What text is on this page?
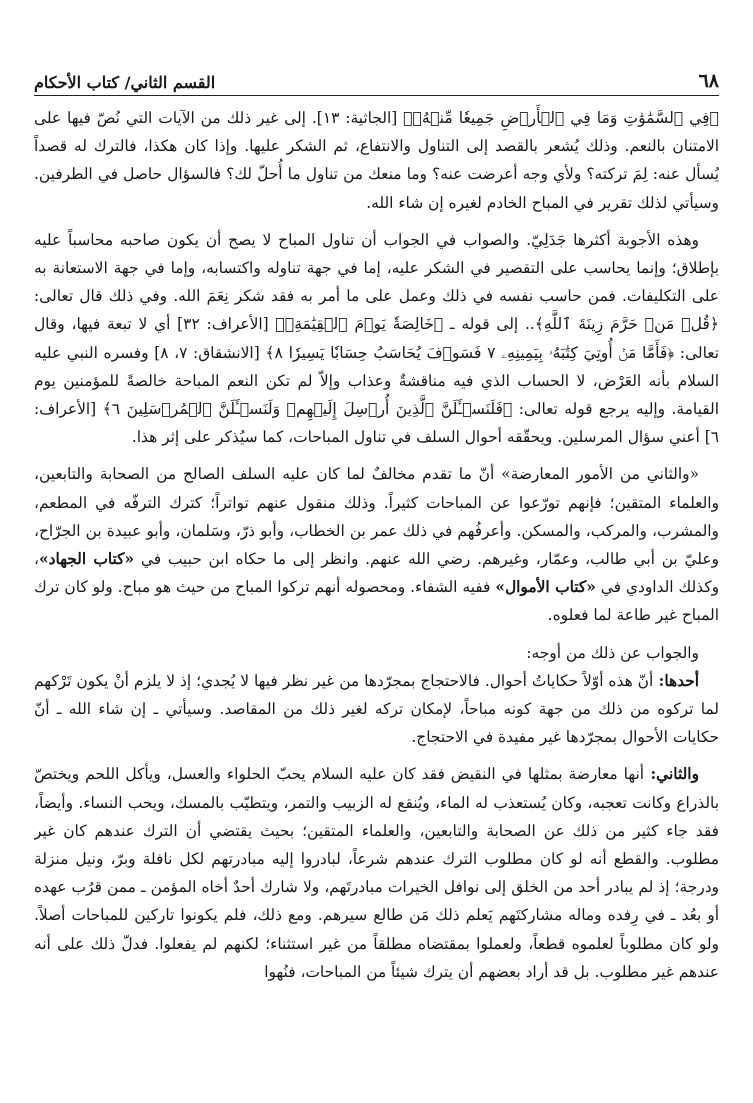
٦٨
القسم الثاني/ كتاب الأحكام

﴿فِي ٱلسَّمَٰوَٰتِ وَمَا فِي ٱلۡأَرۡضِ جَمِيعٗا مِّنۡهُۚ﴾ [الجاثية: ١٣]. إلى غير ذلك من الآيات التي نُصّ فيها على الامتنان بالنعم. وذلك يُشعر بالقصد إلى التناول والانتفاع، ثم الشكر عليها. وإذا كان هكذا، فالترك له قصداً يُسأل عنه: لِمَ تركته؟ ولأي وجه أعرضت عنه؟ وما منعك من تناول ما أُحلّ لك؟ فالسؤال حاصل في الطرفين. وسيأتي لذلك تقرير في المباح الخادم لغيره إن شاء الله.

وهذه الأجوبة أكثرها جَدَلِيّ. والصواب في الجواب أن تناول المباح لا يصح أن يكون صاحبه محاسباً عليه بإطلاق؛ وإنما يحاسب على التقصير في الشكر عليه، إما في جهة تناوله واكتسابه، وإما في جهة الاستعانة به على التكليفات. فمن حاسب نفسه في ذلك وعمل على ما أمر به فقد شكر نِعَمَ الله. وفي ذلك قال تعالى: ﴿قُلۡ مَنۡ حَرَّمَ زِينَةَ ٱللَّهِ﴾.. إلى قوله ـ ﴿خَالِصَةٗ يَوۡمَ ٱلۡقِيَٰمَةِۗ﴾ [الأعراف: ٣٢] أي لا تبعة فيها، وقال تعالى: ﴿فَأَمَّا مَنۡ أُوتِيَ كِتَٰبَهُۥ بِيَمِينِهِۦ ٧ فَسَوۡفَ يُحَاسَبُ حِسَابٗا يَسِيرٗا ٨﴾ [الانشقاق: ٧، ٨] وفسره النبي عليه السلام بأنه العَرْض، لا الحساب الذي فيه مناقشةٌ وعذاب وإلاّ لم تكن النعم المباحة خالصةً للمؤمنين يوم القيامة. وإليه يرجع قوله تعالى: ﴿فَلَنَسۡـَٔلَنَّ ٱلَّذِينَ أُرۡسِلَ إِلَيۡهِمۡ وَلَنَسۡـَٔلَنَّ ٱلۡمُرۡسَلِينَ ٦﴾ [الأعراف: ٦] أعني سؤال المرسلين. ويحقّقه أحوال السلف في تناول المباحات، كما سيُذكر على إثر هذا.

«والثاني من الأمور المعارضة» أنّ ما تقدم مخالفٌ لما كان عليه السلف الصالح من الصحابة والتابعين، والعلماء المتقين؛ فإنهم تورّعوا عن المباحات كثيراً. وذلك منقول عنهم تواتراً؛ كترك الترفّه في المطعم، والمشرب، والمركب، والمسكن. وأعرفُهم في ذلك عمر بن الخطاب، وأبو ذرّ، وسَلمان، وأبو عبيدة بن الجرّاح، وعليّ بن أبي طالب، وعمّار، وغيرهم. رضي الله عنهم. وانظر إلى ما حكاه ابن حبيب في «كتاب الجهاد»، وكذلك الداودي في «كتاب الأموال» ففيه الشفاء. ومحصوله أنهم تركوا المباح من حيث هو مباح. ولو كان ترك المباح غير طاعة لما فعلوه.

والجواب عن ذلك من أوجه:

أحدها: أنّ هذه أوّلاً حكاياتُ أحوال. فالاحتجاج بمجرّدها من غير نظر فيها لا يُجدي؛ إذ لا يلزم أنْ يكون تَرْكهم لما تركوه من ذلك من جهة كونه مباحاً، لإمكان تركه لغير ذلك من المقاصد. وسيأتي ـ إن شاء الله ـ أنّ حكايات الأحوال بمجرّدها غير مفيدة في الاحتجاج.

والثاني: أنها معارضة بمثلها في النقيض فقد كان عليه السلام يحبّ الحلواء والعسل، ويأكل اللحم ويختصّ بالذراع وكانت تعجبه، وكان يُستعذب له الماء، ويُنقع له الزبيب والتمر، ويتطيّب بالمسك، ويحب النساء. وأيضاً، فقد جاء كثير من ذلك عن الصحابة والتابعين، والعلماء المتقين؛ بحيث يقتضي أن الترك عندهم كان غير مطلوب. والقطع أنه لو كان مطلوب الترك عندهم شرعاً، لبادروا إليه مبادرتهم لكل نافلة وبرّ، ونيل منزلة ودرجة؛ إذ لم يبادر أحد من الخلق إلى نوافل الخيرات مبادرتَهم، ولا شارك أحدٌ أخاه المؤمن ـ ممن قرُب عهده أو بعُد ـ في رِفده وماله مشاركتَهم يَعلم ذلك مَن طالع سيرهم. ومع ذلك، فلم يكونوا تاركين للمباحات أصلاً. ولو كان مطلوباً لعلموه قطعاً، ولعملوا بمقتضاه مطلقاً من غير استثناء؛ لكنهم لم يفعلوا. فدلّ ذلك على أنه عندهم غير مطلوب. بل قد أراد بعضهم أن يترك شيئاً من المباحات، فنُهوا
